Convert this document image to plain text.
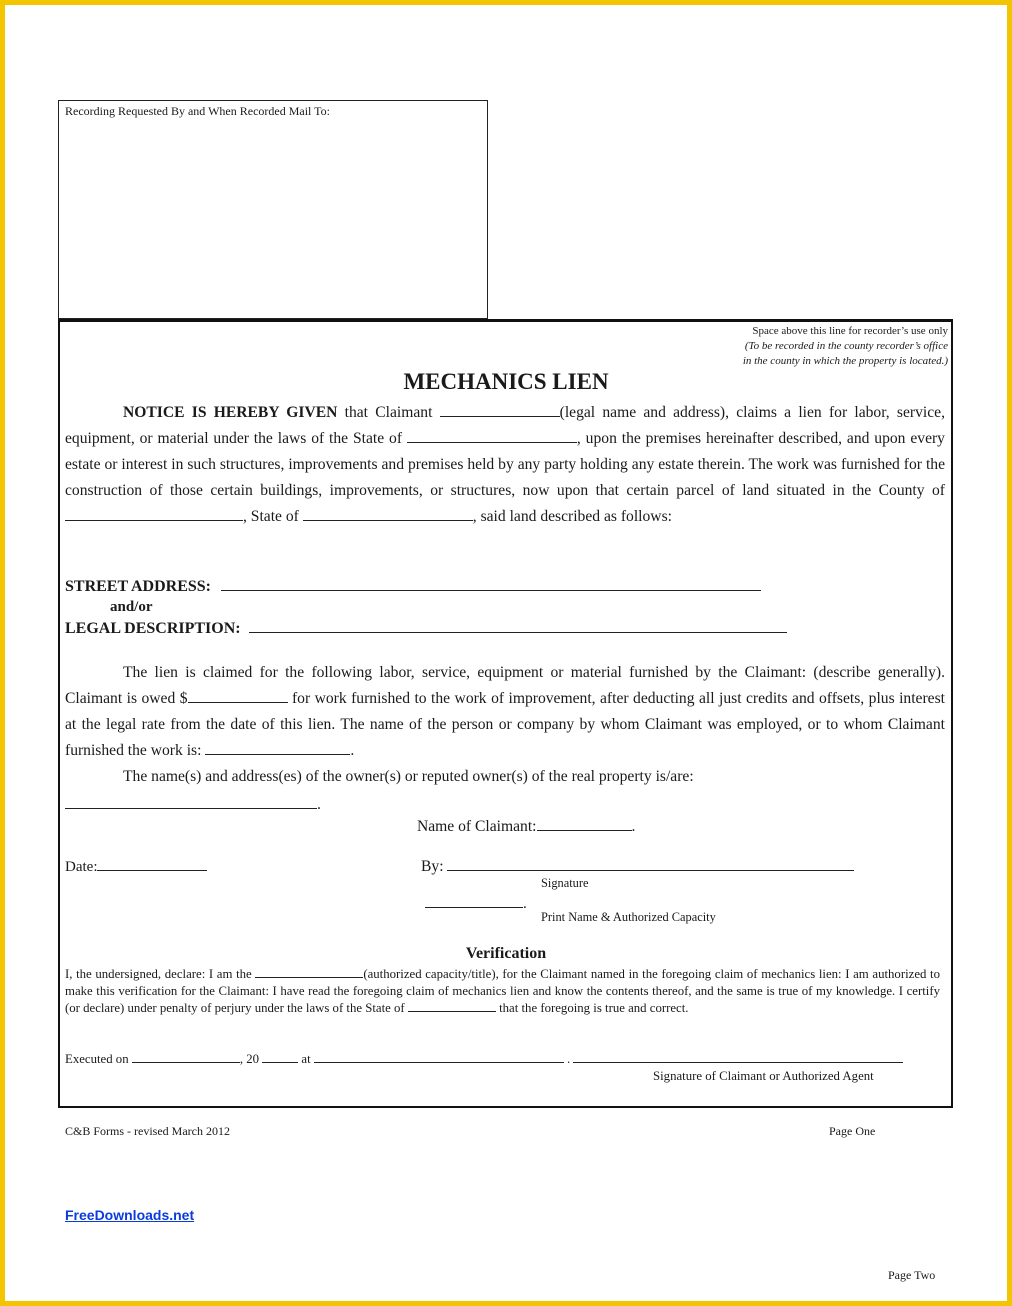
Recording Requested By and When Recorded Mail To:
Space above this line for recorder’s use only
(To be recorded in the county recorder’s office
in the county in which the property is located.)
MECHANICS LIEN

NOTICE IS HEREBY GIVEN that Claimant	(legal name and address), claims a lien for labor, service, equipment, or material under the laws of the State of	, upon the premises hereinafter described, and upon every estate or interest in such structures, improvements and premises held by any party holding any estate therein. The work was furnished for the construction of those certain buildings, improvements, or structures, now upon that certain parcel of land situated in the County of , State of	, said land described as follows:

STREET ADDRESS:
and/or
LEGAL DESCRIPTION:

The lien is claimed for the following labor, service, equipment or material furnished by the Claimant: (describe generally). Claimant is owed $	for work furnished to the work of improvement, after deducting all just credits and offsets, plus interest at the legal rate from the date of this lien. The name of the person or company by whom Claimant was employed, or to whom Claimant furnished the work is:	.

The name(s) and address(es) of the owner(s) or reputed owner(s) of the real property is/are:

.
Name of Claimant:	.
Date:	By:
Signature
.
Print Name & Authorized Capacity
Verification
I, the undersigned, declare: I am the	(authorized capacity/title), for the Claimant named in the foregoing claim of mechanics lien: I am authorized to make this verification for the Claimant: I have read the foregoing claim of mechanics lien and know the contents thereof, and the same is true of my knowledge. I certify (or declare) under penalty of perjury under the laws of the State of	that the foregoing is true and correct.
Executed on	, 20	at	.
Signature of Claimant or Authorized Agent
C&B Forms - revised March 2012	Page One
FreeDownloads.net
Page Two
